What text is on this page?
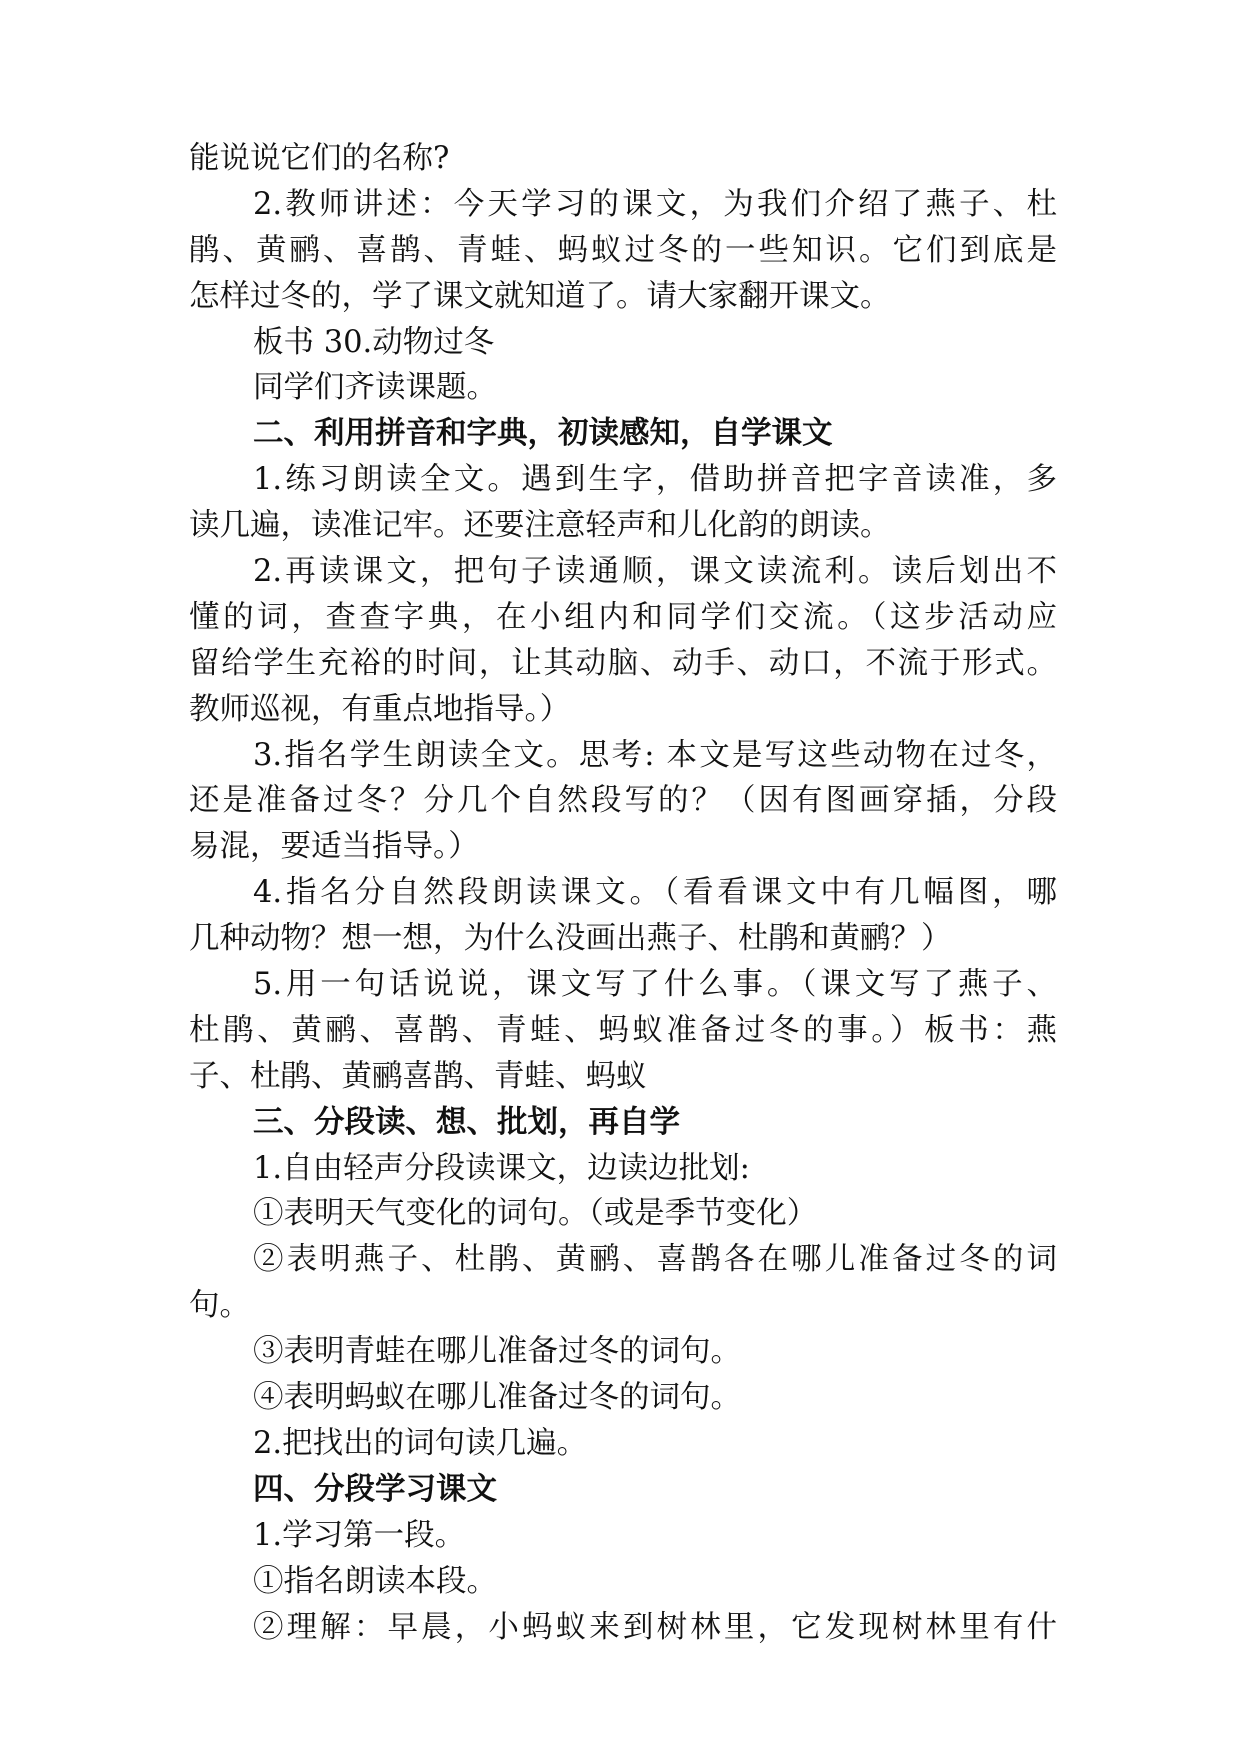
能说说它们的名称?
2.教师讲述：今天学习的课文，为我们介绍了燕子、杜
鹃、黄鹂、喜鹊、青蛙、蚂蚁过冬的一些知识。它们到底是
怎样过冬的，学了课文就知道了。请大家翻开课文。
板书 30.动物过冬
同学们齐读课题。
二、利用拼音和字典，初读感知，自学课文
1.练习朗读全文。遇到生字，借助拼音把字音读准，多
读几遍，读准记牢。还要注意轻声和儿化韵的朗读。
2.再读课文，把句子读通顺，课文读流利。读后划出不
懂的词，查查字典，在小组内和同学们交流。（这步活动应
留给学生充裕的时间，让其动脑、动手、动口，不流于形式。
教师巡视，有重点地指导。）
3.指名学生朗读全文。思考: 本文是写这些动物在过冬，
还是准备过冬？分几个自然段写的？（因有图画穿插，分段
易混，要适当指导。）
4.指名分自然段朗读课文。（看看课文中有几幅图，哪
几种动物？想一想，为什么没画出燕子、杜鹃和黄鹂？）
5.用一句话说说，课文写了什么事。（课文写了燕子、
杜鹃、黄鹂、喜鹊、青蛙、蚂蚁准备过冬的事。）板书：燕
子、杜鹃、黄鹂喜鹊、青蛙、蚂蚁
三、分段读、想、批划，再自学
1.自由轻声分段读课文，边读边批划:
①表明天气变化的词句。（或是季节变化）
②表明燕子、杜鹃、黄鹂、喜鹊各在哪儿准备过冬的词
句。
③表明青蛙在哪儿准备过冬的词句。
④表明蚂蚁在哪儿准备过冬的词句。
2.把找出的词句读几遍。
四、分段学习课文
1.学习第一段。
①指名朗读本段。
②理解：早晨，小蚂蚁来到树林里，它发现树林里有什
